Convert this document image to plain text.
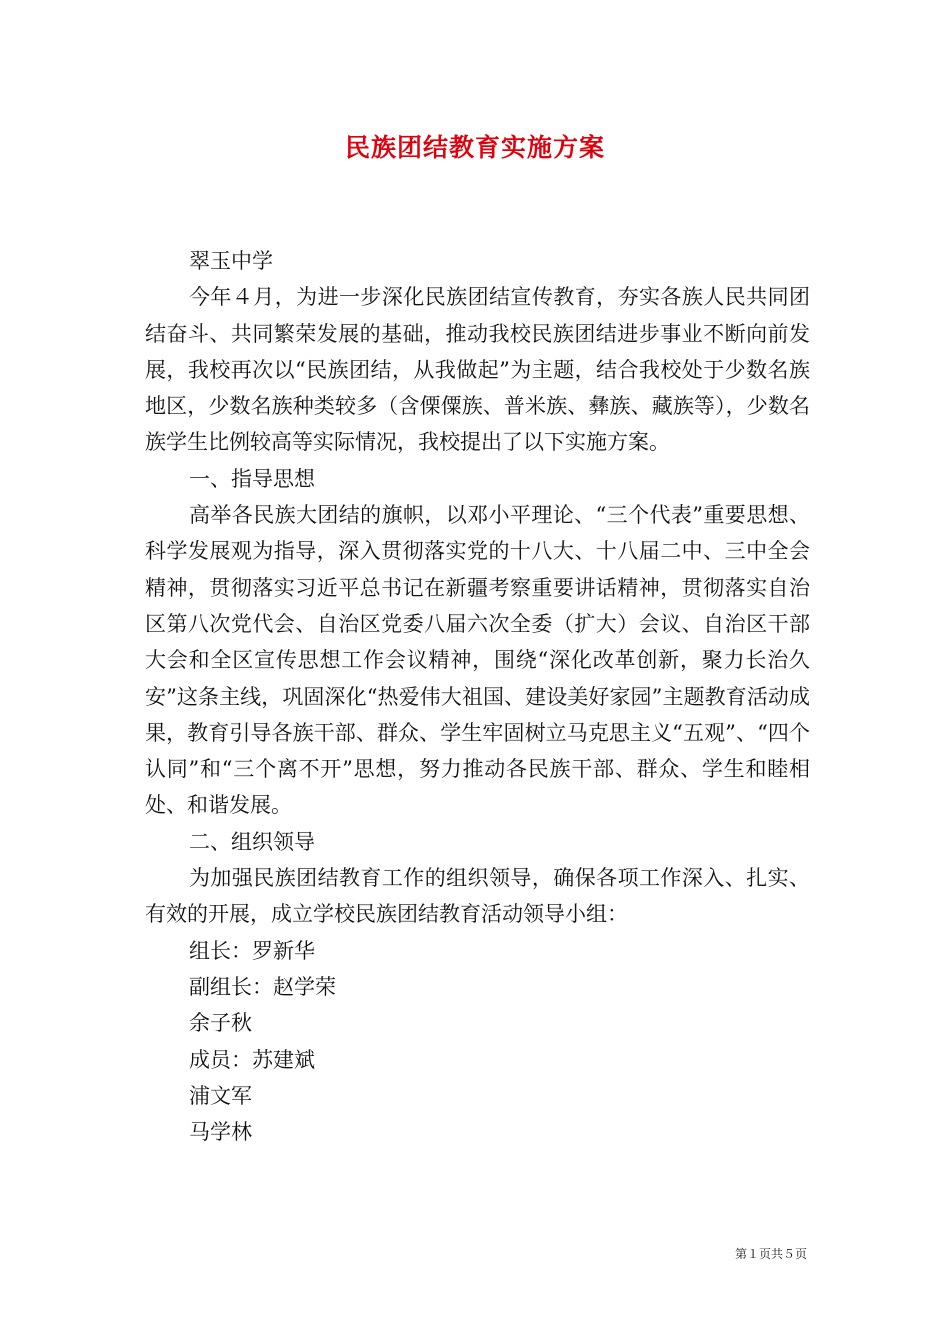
民族团结教育实施方案

翠玉中学

今年４月，为进一步深化民族团结宣传教育，夯实各族人民共同团结奋斗、共同繁荣发展的基础，推动我校民族团结进步事业不断向前发展，我校再次以“民族团结，从我做起”为主题，结合我校处于少数名族地区，少数名族种类较多（含傈僳族、普米族、彝族、藏族等），少数名族学生比例较高等实际情况，我校提出了以下实施方案。

一、指导思想

高举各民族大团结的旗帜，以邓小平理论、“三个代表”重要思想、科学发展观为指导，深入贯彻落实党的十八大、十八届二中、三中全会精神，贯彻落实习近平总书记在新疆考察重要讲话精神，贯彻落实自治区第八次党代会、自治区党委八届六次全委（扩大）会议、自治区干部大会和全区宣传思想工作会议精神，围绕“深化改革创新，聚力长治久安”这条主线，巩固深化“热爱伟大祖国、建设美好家园”主题教育活动成果，教育引导各族干部、群众、学生牢固树立马克思主义“五观”、“四个认同”和“三个离不开”思想，努力推动各民族干部、群众、学生和睦相处、和谐发展。

二、组织领导

为加强民族团结教育工作的组织领导，确保各项工作深入、扎实、有效的开展，成立学校民族团结教育活动领导小组：

组长：罗新华

副组长：赵学荣

余子秋

成员：苏建斌

浦文军

马学林

第１页共５页
